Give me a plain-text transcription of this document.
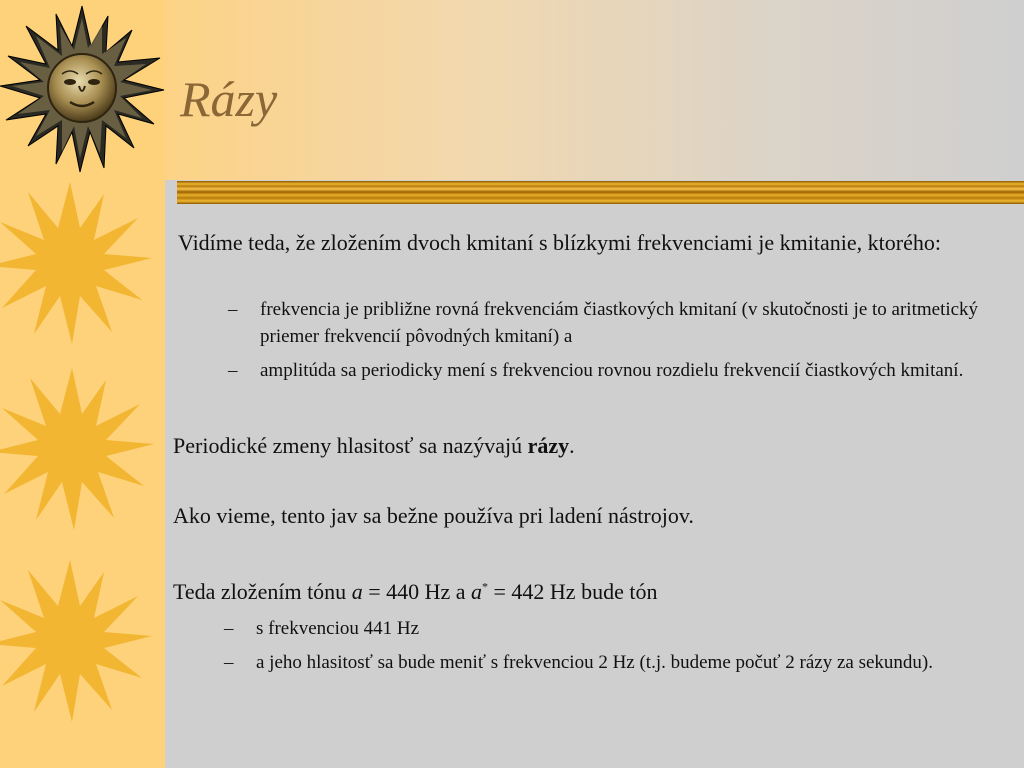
Rázy

Vidíme teda, že zložením dvoch kmitaní s blízkymi frekvenciami je kmitanie, ktorého:

– frekvencia je približne rovná frekvenciám čiastkových kmitaní (v skutočnosti je to aritmetický priemer frekvencií pôvodných kmitaní) a
– amplitúda sa periodicky mení s frekvenciou rovnou rozdielu frekvencií čiastkových kmitaní.

Periodické zmeny hlasitosť sa nazývajú rázy.

Ako vieme, tento jav sa bežne používa pri ladení nástrojov.

Teda zložením tónu a = 440 Hz a a* = 442 Hz bude tón

– s frekvenciou 441 Hz
– a jeho hlasitosť sa bude meniť s frekvenciou 2 Hz (t.j. budeme počuť 2 rázy za sekundu).
